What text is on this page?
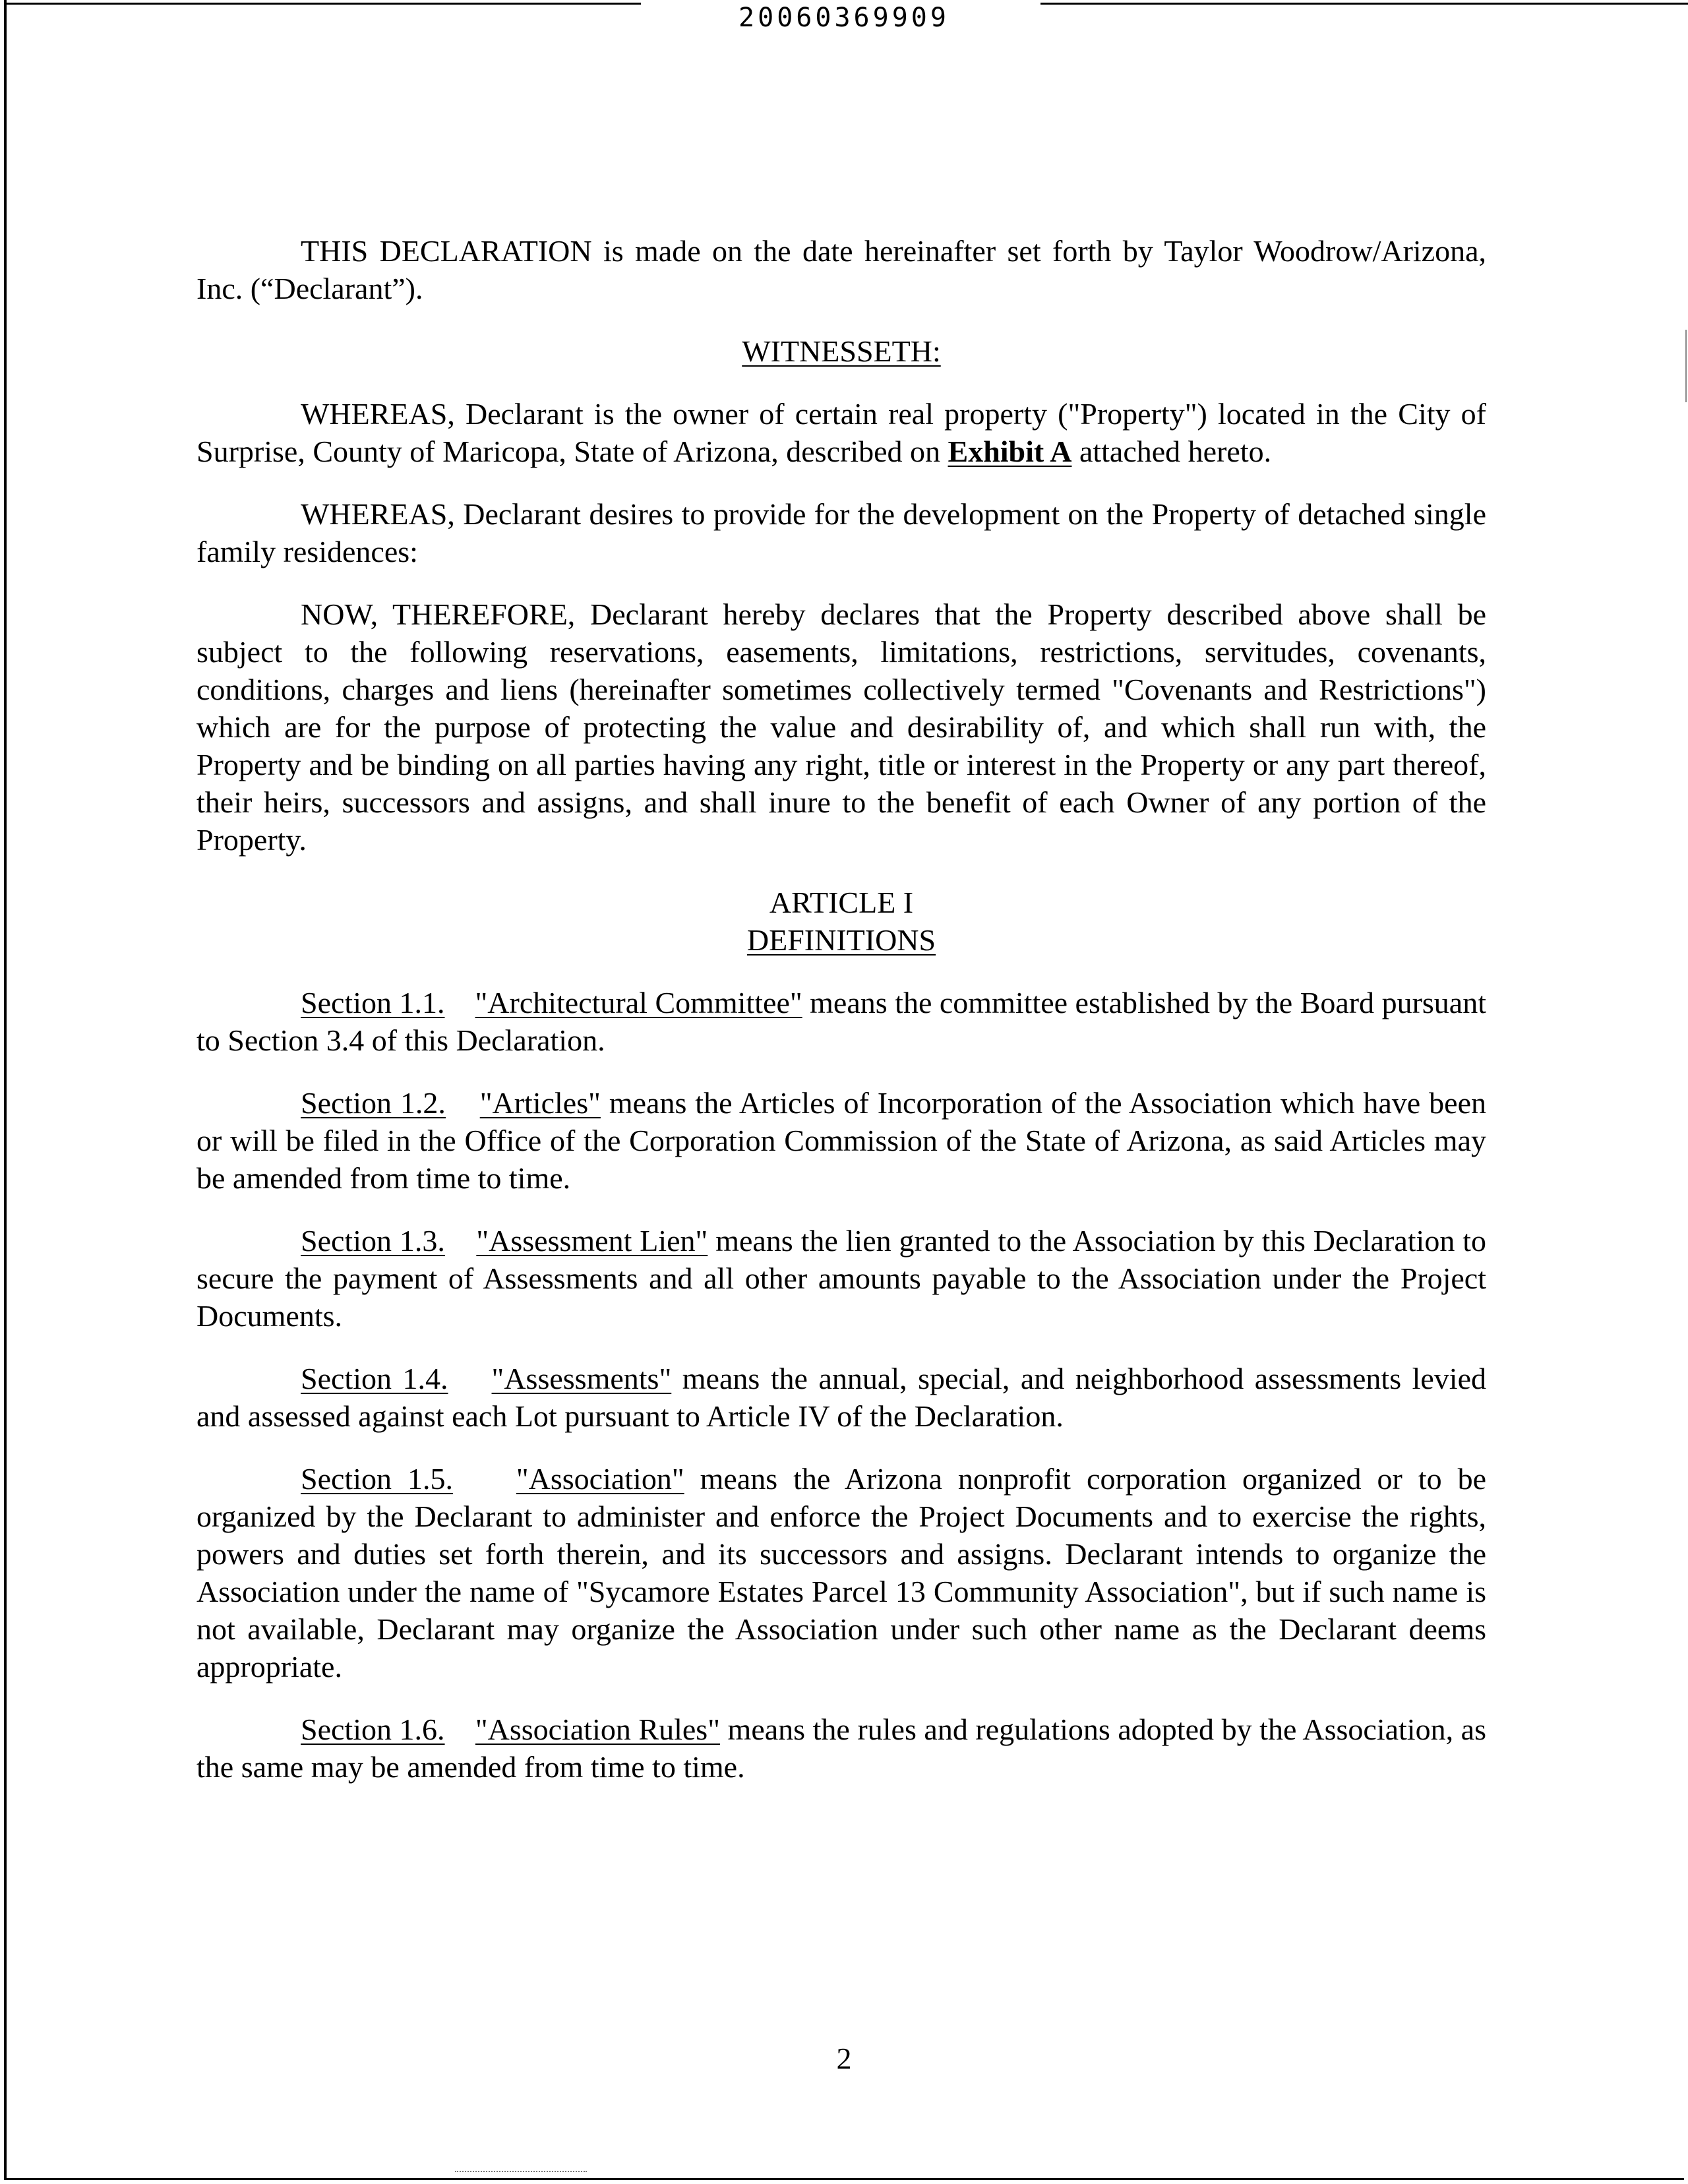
20060369909

THIS DECLARATION is made on the date hereinafter set forth by Taylor Woodrow/Arizona, Inc. (“Declarant”).

WITNESSETH:

WHEREAS, Declarant is the owner of certain real property ("Property") located in the City of Surprise, County of Maricopa, State of Arizona, described on Exhibit A attached hereto.

WHEREAS, Declarant desires to provide for the development on the Property of detached single family residences:

NOW, THEREFORE, Declarant hereby declares that the Property described above shall be subject to the following reservations, easements, limitations, restrictions, servitudes, covenants, conditions, charges and liens (hereinafter sometimes collectively termed "Covenants and Restrictions") which are for the purpose of protecting the value and desirability of, and which shall run with, the Property and be binding on all parties having any right, title or interest in the Property or any part thereof, their heirs, successors and assigns, and shall inure to the benefit of each Owner of any portion of the Property.

ARTICLE I

DEFINITIONS

Section 1.1. "Architectural Committee" means the committee established by the Board pursuant to Section 3.4 of this Declaration.

Section 1.2. "Articles" means the Articles of Incorporation of the Association which have been or will be filed in the Office of the Corporation Commission of the State of Arizona, as said Articles may be amended from time to time.

Section 1.3. "Assessment Lien" means the lien granted to the Association by this Declaration to secure the payment of Assessments and all other amounts payable to the Association under the Project Documents.

Section 1.4. "Assessments" means the annual, special, and neighborhood assessments levied and assessed against each Lot pursuant to Article IV of the Declaration.

Section 1.5. "Association" means the Arizona nonprofit corporation organized or to be organized by the Declarant to administer and enforce the Project Documents and to exercise the rights, powers and duties set forth therein, and its successors and assigns. Declarant intends to organize the Association under the name of "Sycamore Estates Parcel 13 Community Association", but if such name is not available, Declarant may organize the Association under such other name as the Declarant deems appropriate.

Section 1.6. "Association Rules" means the rules and regulations adopted by the Association, as the same may be amended from time to time.

2
